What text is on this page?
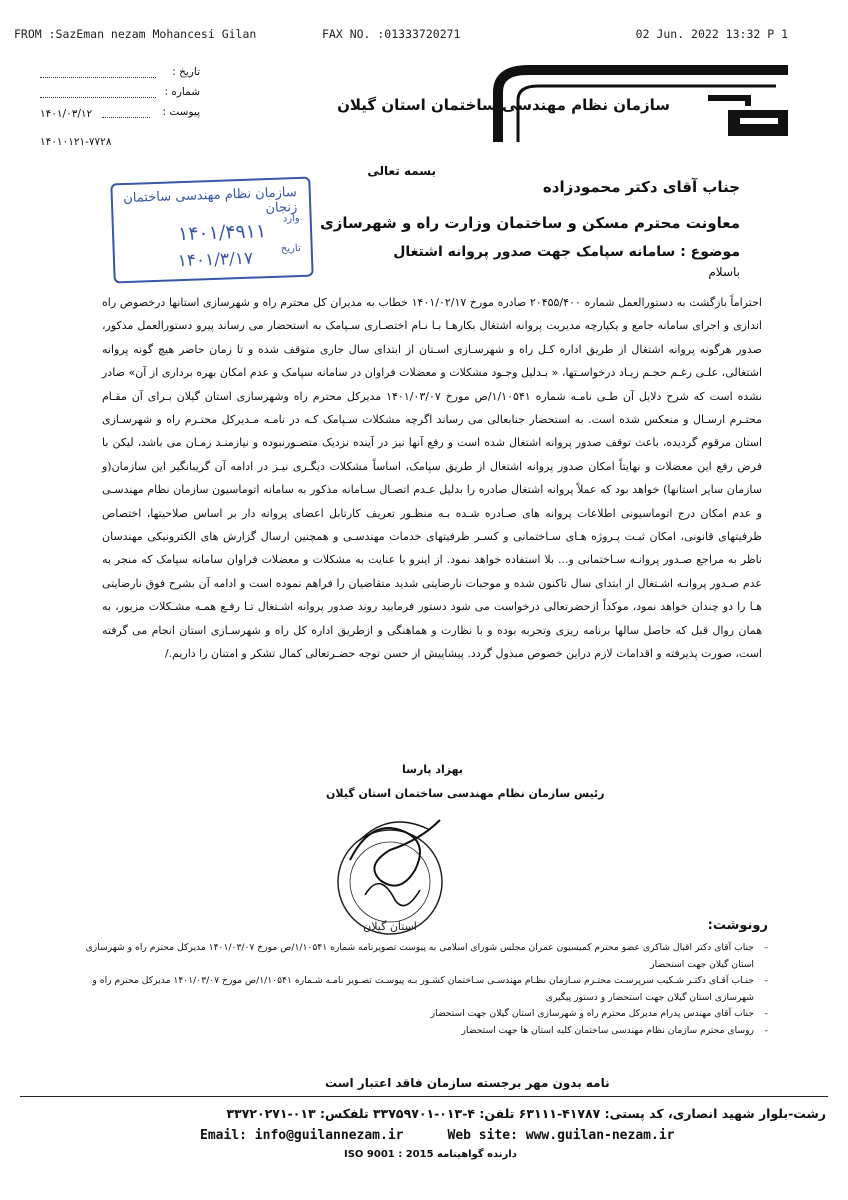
FROM :SazEman nezam Mohancesi Gilan	FAX NO. :01333720271	02 Jun. 2022 13:32 P 1
سازمان نظام مهندسی ساختمان استان گیلان
تاریخ :
شماره :
پیوست :
۱۴۰۱/۰۳/۱۲
۱۴۰۱۰۱۲۱-۷۷۲۸
سازمان نظام مهندسی ساختمان زنجان
وارد
تاریخ
۱۴۰۱/۴۹۱۱
۱۴۰۱/۳/۱۷
بسمه تعالی
جناب آقای دکتر محمودزاده
معاونت محترم مسکن و ساختمان وزارت راه و شهرسازی
موضوع : سامانه سپامک جهت صدور پروانه اشتغال
باسلام
احتراماً بازگشت به دستورالعمل شماره ۲۰۴۵۵/۴۰۰ صادره مورخ ۱۴۰۱/۰۲/۱۷ خطاب به مدیران کل محترم راه و شهرسازی استانها درخصوص راه اندازی و اجرای سامانه جامع و یکپارچه مدیریت پروانه اشتغال بکارهـا بـا نـام اختصـاری سـپامک به استحضار می رساند پیرو دستورالعمل مذکور، صدور هرگونه پروانه اشتغال از طریق اداره کـل راه و شهرسـازی اسـتان از ابتدای سال جاری متوقف شده و تا زمان حاضر هیچ گونه پروانه اشتغالی، علـی رغـم حجـم زیـاد درخواسـتها، « بـدلیل وجـود مشکلات و معضلات فراوان در سامانه سپامک و عدم امکان بهره برداری از آن» صادر نشده است که شرح دلایل آن طـی نامـه شماره ۱/۱۰۵۴۱/ص مورخ ۱۴۰۱/۰۳/۰۷ مدیرکل محترم راه وشهرسازی استان گیلان بـرای آن مقـام محتـرم ارسـال و منعکس شده است. به استحضار جنابعالی می رساند اگرچه مشکلات سـپامک کـه در نامـه مـدیرکل محتـرم راه و شهرسـازی استان مرقوم گردیده، باعث توقف صدور پروانه اشتغال شده است و رفع آنها نیز در آینده نزدیک متصـورنبوده و نیازمنـد زمـان می باشد، لیکن با فرض رفع این معضلات و نهایتاً امکان صدور پروانه اشتغال از طریق سپامک، اساساً مشکلات دیگـری نیـز در ادامه آن گریبانگیر این سازمان(و سازمان سایر استانها) خواهد بود که عملاً پروانه اشتغال صادره را بدلیل عـدم اتصـال سـامانه مذکور به سامانه اتوماسیون سازمان نظام مهندسـی و عدم امکان درج اتوماسیونی اطلاعات پروانه های صـادره شـده بـه منظـور تعریف کارتابل اعضای پروانه دار بر اساس صلاحیتها، اختصاص ظرفیتهای قانونی، امکان ثبـت پـروژه هـای سـاختمانی و کسـر ظرفیتهای خدمات مهندسـی و همچنین ارسال گزارش های الکترونیکی مهندسان ناظر به مراجع صـدور پروانـه سـاختمانی و... بلا استفاده خواهد نمود. از اینرو با عنایت به مشکلات و معضلات فراوان سامانه سپامک که منجر به عدم صـدور پروانـه اشـتغال از ابتدای سال تاکنون شده و موجبات نارضایتی شدید متقاضیان را فراهم نموده است و ادامه آن بشرح فوق نارضایتی هـا را دو چندان خواهد نمود، موکداً ازحضرتعالی درخواست می شود دستور فرمایید روند صدور پروانه اشـتغال تـا رفـع همـه مشـکلات مزبور، به همان روال قبل که حاصل سالها برنامه ریزی وتجربه بوده و با نظارت و هماهنگی و ازطریق اداره کل راه و شهرسـازی استان انجام می گرفته است، صورت پذیرفته و اقدامات لازم دراین خصوص مبذول گردد. پیشاپیش از حسن توجه حضـرتعالی کمال تشکر و امتنان را داریم./
بهزاد پارسا
رئیس سازمان نظام مهندسی ساختمان استان گیلان
استان گیلان	رونوشت:
- جناب آقای دکتر اقبال شاکری عضو محترم کمیسیون عمران مجلس شورای اسلامی به پیوست تصویرنامه شماره ۱/۱۰۵۴۱/ص مورخ ۱۴۰۱/۰۳/۰۷ مدیرکل محترم راه و شهرسازی استان گیلان جهت استحضار
- جنـاب آقـای دکتـر شـکیب سرپرسـت محتـرم سـازمان نظـام مهندسـی سـاختمان کشـور بـه پیوسـت تصـویر نامـه شـماره ۱/۱۰۵۴۱/ص مورخ ۱۴۰۱/۰۳/۰۷ مدیرکل محترم راه و شهرسازی استان گیلان جهت استحضار و دستور پیگیری
- جناب آقای مهندس پدرام مدیرکل محترم راه و شهرسازی استان گیلان جهت استحضار
- روسای محترم سازمان نظام مهندسی ساختمان کلیه استان ها جهت استحضار
نامه بدون مهر برجسته سازمان فاقد اعتبار است
رشت-بلوار شهید انصاری، کد پستی: ۴۱۷۸۷-۶۳۱۱۱ تلفن: ۴-۰۱۳-۳۳۷۵۹۷۰۱ تلفکس: ۰۱۳-۳۳۷۲۰۲۷۱
Email: info@guilannezam.ir	Web site: www.guilan-nezam.ir
دارنده گواهینامه ISO 9001 : 2015
